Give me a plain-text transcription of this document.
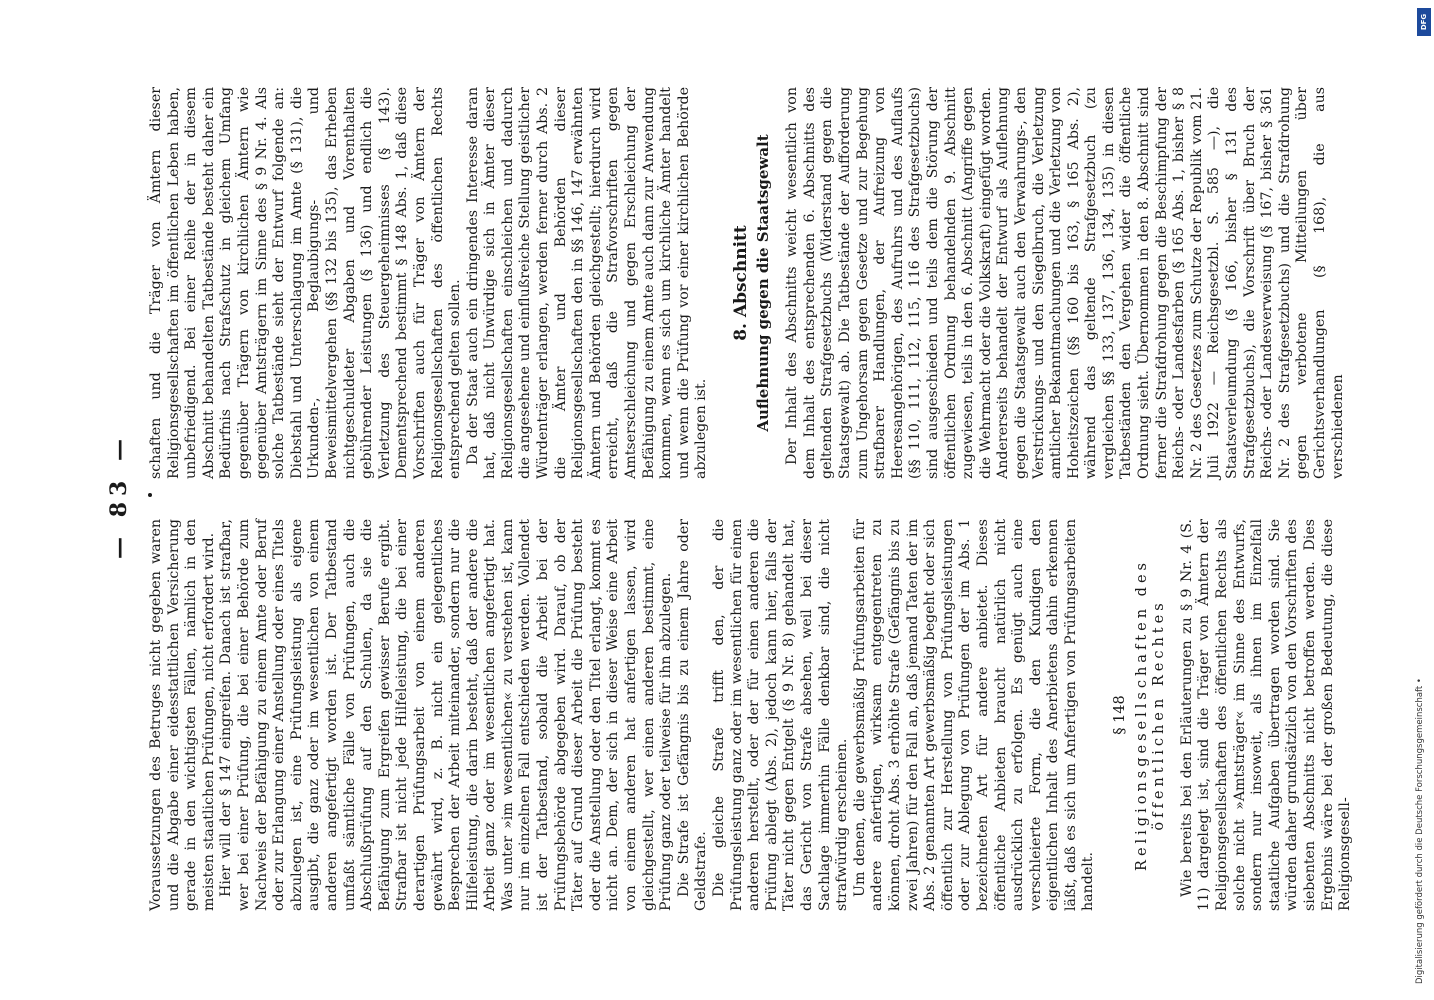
— 83 —

Voraussetzungen des Betruges nicht gegeben waren und die Abgabe einer eidesstattlichen Versicherung gerade in den wichtigsten Fällen, nämlich in den meisten staatlichen Prüfungen, nicht erfordert wird. Hier will der § 147 eingreifen. Danach ist strafbar, wer bei einer Prüfung, die bei einer Behörde zum Nachweis der Befähigung zu einem Amte oder Beruf oder zur Erlangung einer Anstellung oder eines Titels abzulegen ist, eine Prüfungsleistung als eigene ausgibt, die ganz oder im wesentlichen von einem anderen angefertigt worden ist. Der Tatbestand umfaßt sämtliche Fälle von Prüfungen, auch die Abschlußprüfung auf den Schulen, da sie die Befähigung zum Ergreifen gewisser Berufe ergibt. Strafbar ist nicht jede Hilfeleistung, die bei einer derartigen Prüfungsarbeit von einem anderen gewährt wird, z. B. nicht ein gelegentliches Besprechen der Arbeit miteinander, sondern nur die Hilfeleistung, die darin besteht, daß der andere die Arbeit ganz oder im wesentlichen angefertigt hat. Was unter »im wesentlichen« zu verstehen ist, kann nur im einzelnen Fall entschieden werden. Vollendet ist der Tatbestand, sobald die Arbeit bei der Prüfungsbehörde abgegeben wird. Darauf, ob der Täter auf Grund dieser Arbeit die Prüfung besteht oder die Anstellung oder den Titel erlangt, kommt es nicht an. Dem, der sich in dieser Weise eine Arbeit von einem anderen hat anfertigen lassen, wird gleichgestellt, wer einen anderen bestimmt, eine Prüfung ganz oder teilweise für ihn abzulegen. Die Strafe ist Gefängnis bis zu einem Jahre oder Geldstrafe. Die gleiche Strafe trifft den, der die Prüfungsleistung ganz oder im wesentlichen für einen anderen herstellt, oder der für einen anderen die Prüfung ablegt (Abs. 2), jedoch kann hier, falls der Täter nicht gegen Entgelt (§ 9 Nr. 8) gehandelt hat, das Gericht von Strafe absehen, weil bei dieser Sachlage immerhin Fälle denkbar sind, die nicht strafwürdig erscheinen. Um denen, die gewerbsmäßig Prüfungsarbeiten für andere anfertigen, wirksam entgegentreten zu können, droht Abs. 3 erhöhte Strafe (Gefängnis bis zu zwei Jahren) für den Fall an, daß jemand Taten der im Abs. 2 genannten Art gewerbsmäßig begeht oder sich öffentlich zur Herstellung von Prüfungsleistungen oder zur Ablegung von Prüfungen der im Abs. 1 bezeichneten Art für andere anbietet. Dieses öffentliche Anbieten braucht natürlich nicht ausdrücklich zu erfolgen. Es genügt auch eine verschleierte Form, die den Kundigen den eigentlichen Inhalt des Anerbietens dahin erkennen läßt, daß es sich um Anfertigen von Prüfungsarbeiten handelt.

§ 148 Religionsgesellschaften des öffentlichen Rechtes Wie bereits bei den Erläuterungen zu § 9 Nr. 4 (S. 11) dargelegt ist, sind die Träger von Ämtern der Religionsgesellschaften des öffentlichen Rechts als solche nicht »Amtsträger« im Sinne des Entwurfs, sondern nur insoweit, als ihnen im Einzelfall staatliche Aufgaben übertragen worden sind. Sie würden daher grundsätzlich von den Vorschriften des siebenten Abschnitts nicht betroffen werden. Dies Ergebnis wäre bei der großen Bedeutung, die diese Religionsgesell-

schaften und die Träger von Ämtern dieser Religionsgesellschaften im öffentlichen Leben haben, unbefriedigend. Bei einer Reihe der in diesem Abschnitt behandelten Tatbestände besteht daher ein Bedürfnis nach Strafschutz in gleichem Umfang gegenüber Trägern von kirchlichen Ämtern wie gegenüber Amtsträgern im Sinne des § 9 Nr. 4. Als solche Tatbestände sieht der Entwurf folgende an: Diebstahl und Unterschlagung im Amte (§ 131), die Urkunden-, Beglaubigungs- und Beweismittelvergehen (§§ 132 bis 135), das Erheben nichtgeschuldeter Abgaben und Vorenthalten gebührender Leistungen (§ 136) und endlich die Verletzung des Steuergeheimnisses (§ 143). Dementsprechend bestimmt § 148 Abs. 1, daß diese Vorschriften auch für Träger von Ämtern der Religionsgesellschaften des öffentlichen Rechts entsprechend gelten sollen. Da der Staat auch ein dringendes Interesse daran hat, daß nicht Unwürdige sich in Ämter dieser Religionsgesellschaften einschleichen und dadurch die angesehene und einflußreiche Stellung geistlicher Würdenträger erlangen, werden ferner durch Abs. 2 die Ämter und Behörden dieser Religionsgesellschaften den in §§ 146, 147 erwähnten Ämtern und Behörden gleichgestellt; hierdurch wird erreicht, daß die Strafvorschriften gegen Amtserschleichung und gegen Erschleichung der Befähigung zu einem Amte auch dann zur Anwendung kommen, wenn es sich um kirchliche Ämter handelt und wenn die Prüfung vor einer kirchlichen Behörde abzulegen ist.

8. Abschnitt Auflehnung gegen die Staatsgewalt Der Inhalt des Abschnitts weicht wesentlich von dem Inhalt des entsprechenden 6. Abschnitts des geltenden Strafgesetzbuchs (Widerstand gegen die Staatsgewalt) ab. Die Tatbestände der Aufforderung zum Ungehorsam gegen Gesetze und zur Begehung strafbarer Handlungen, der Aufreizung von Heeresangehörigen, des Aufruhrs und des Auflaufs (§§ 110, 111, 112, 115, 116 des Strafgesetzbuchs) sind ausgeschieden und teils dem die Störung der öffentlichen Ordnung behandelnden 9. Abschnitt zugewiesen, teils in den 6. Abschnitt (Angriffe gegen die Wehrmacht oder die Volkskraft) eingefügt worden. Andererseits behandelt der Entwurf als Auflehnung gegen die Staatsgewalt auch den Verwahrungs-, den Verstrickungs- und den Siegelbruch, die Verletzung amtlicher Bekanntmachungen und die Verletzung von Hoheitszeichen (§§ 160 bis 163, § 165 Abs. 2), während das geltende Strafgesetzbuch (zu vergleichen §§ 133, 137, 136, 134, 135) in diesen Tatbeständen den Vergehen wider die öffentliche Ordnung sieht. Übernommen in den 8. Abschnitt sind ferner die Strafdrohung gegen die Beschimpfung der Reichs- oder Landesfarben (§ 165 Abs. 1, bisher § 8 Nr. 2 des Gesetzes zum Schutze der Republik vom 21. Juli 1922 — Reichsgesetzbl. S. 585 —), die Staatsverleumdung (§ 166, bisher § 131 des Strafgesetzbuchs), die Vorschrift über Bruch der Reichs- oder Landesverweisung (§ 167, bisher § 361 Nr. 2 des Strafgesetzbuchs) und die Strafdrohung gegen verbotene Mitteilungen über Gerichtsverhandlungen (§ 168), die aus verschiedenen

DFG
Digitalisierung gefördert durch die Deutsche Forschungsgemeinschaft •
